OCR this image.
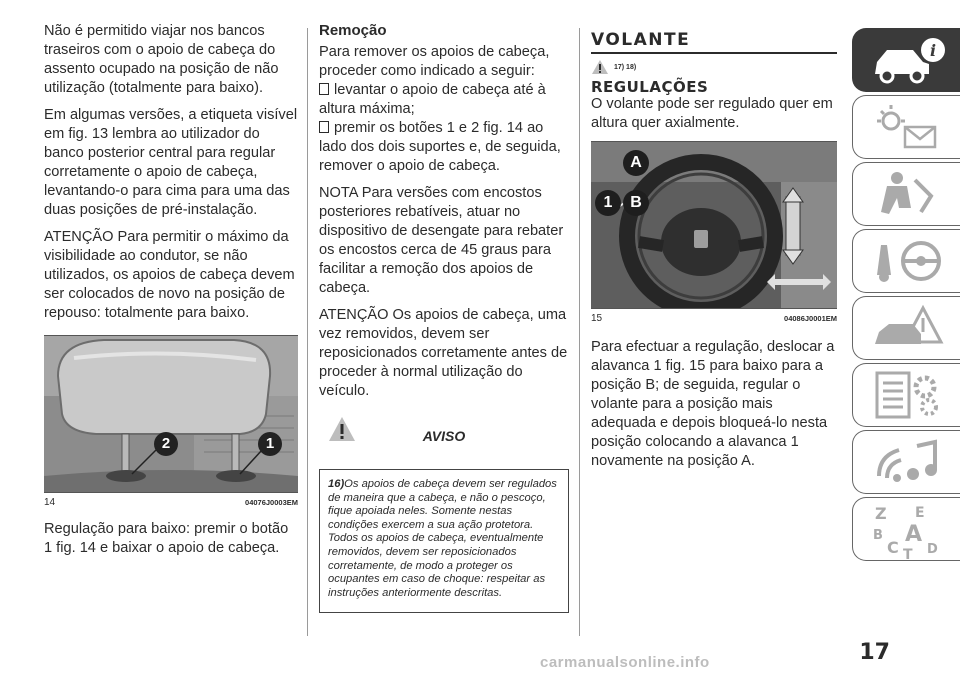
Não é permitido viajar nos bancos traseiros com o apoio de cabeça do assento ocupado na posição de não utilização (totalmente para baixo).

Em algumas versões, a etiqueta visível em fig. 13 lembra ao utilizador do banco posterior central para regular corretamente o apoio de cabeça, levantando-o para cima para uma das duas posições de pré-instalação.

ATENÇÃO Para permitir o máximo da visibilidade ao condutor, se não utilizados, os apoios de cabeça devem ser colocados de novo na posição de repouso: totalmente para baixo.

2	1
14	04076J0003EM

Regulação para baixo: premir o botão 1 fig. 14 e baixar o apoio de cabeça.

Remoção

Para remover os apoios de cabeça, proceder como indicado a seguir:

levantar o apoio de cabeça até à

altura máxima;

premir os botões 1 e 2 fig. 14 ao

lado dos dois suportes e, de seguida, remover o apoio de cabeça.

NOTA Para versões com encostos posteriores rebatíveis, atuar no dispositivo de desengate para rebater os encostos cerca de 45 graus para facilitar a remoção dos apoios de cabeça.

ATENÇÃO Os apoios de cabeça, uma vez removidos, devem ser reposicionados corretamente antes de proceder à normal utilização do veículo.

AVISO
16)Os apoios de cabeça devem ser regulados de maneira que a cabeça, e não o pescoço, fique apoiada neles. Somente nestas condições exercem a sua ação protetora. Todos os apoios de cabeça, eventualmente removidos, devem ser reposicionados corretamente, de modo a proteger os ocupantes em caso de choque: respeitar as instruções anteriormente descritas.
VOLANTE
17) 18)
REGULAÇÕES

O volante pode ser regulado quer em altura quer axialmente.

A
1	B
15	04086J0001EM

Para efectuar a regulação, deslocar a alavanca 1 fig. 15 para baixo para a posição B; de seguida, regular o volante para a posição mais adequada e depois bloqueá-lo nesta posição colocando a alavanca 1 novamente na posição A.

i
Z E
B A
C T D
17
carmanualsonline.info
